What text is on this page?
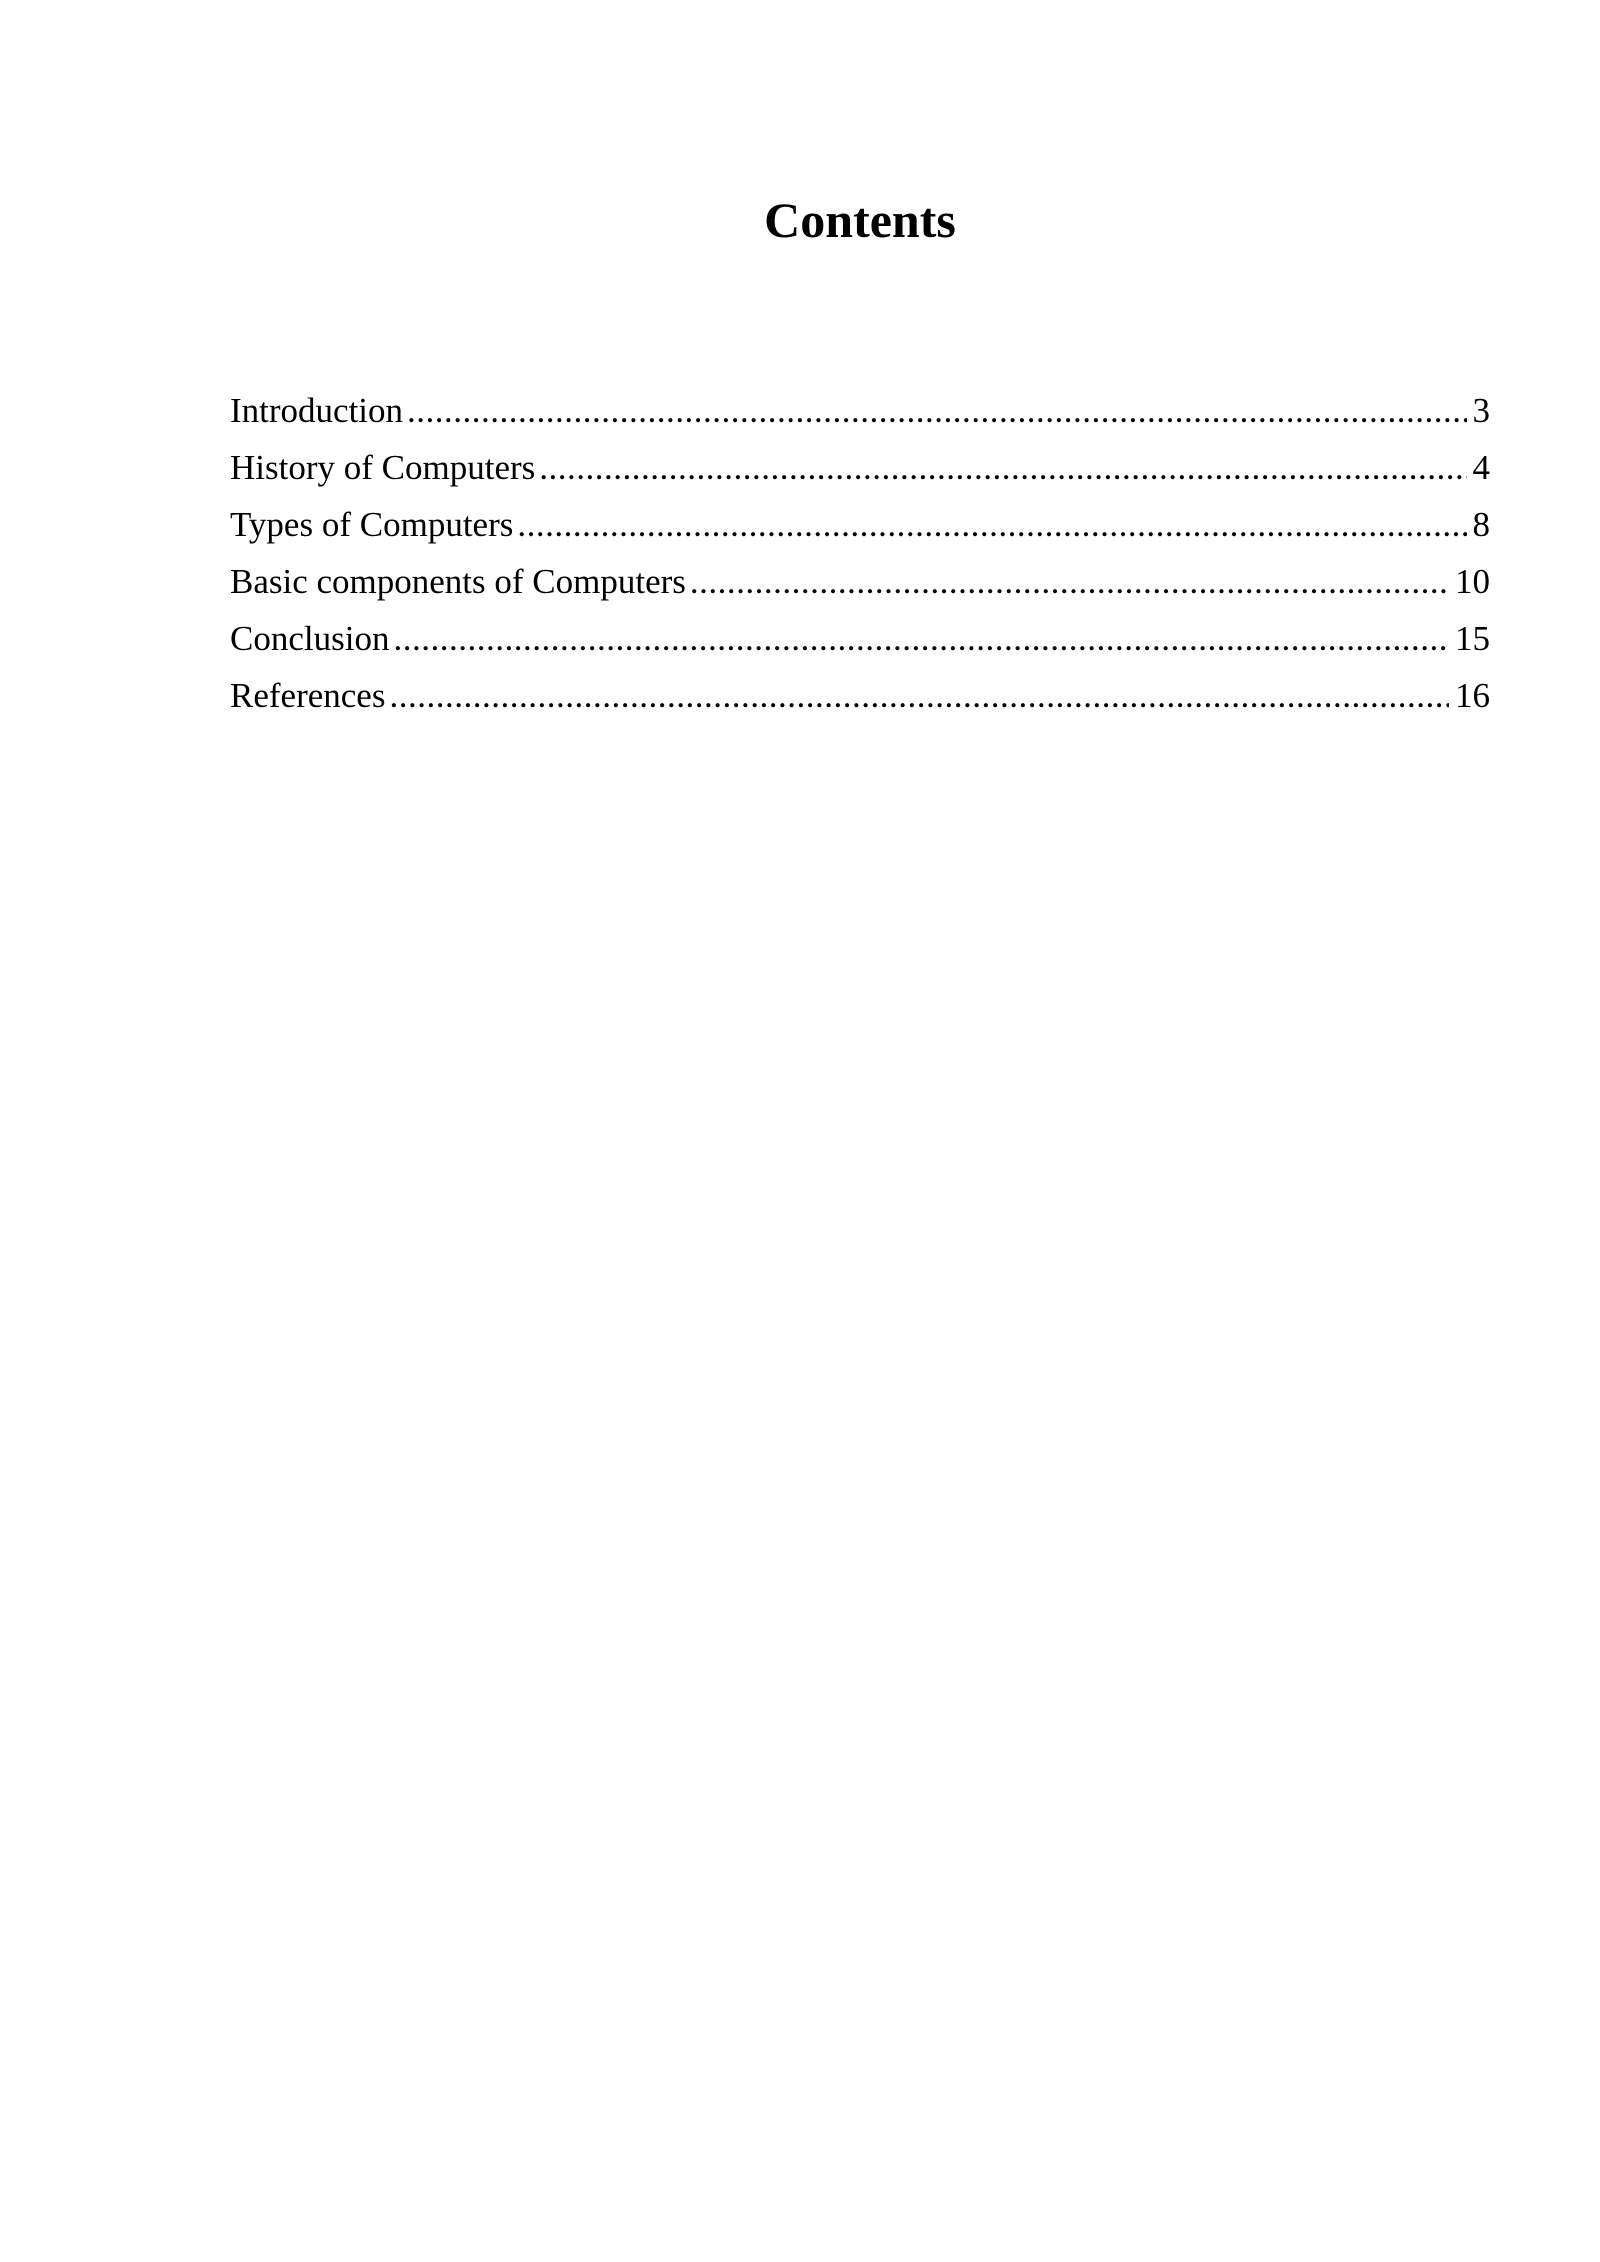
Contents
Introduction .....	3
History of Computers .....	4
Types of Computers .....	8
Basic components of Computers .....	10
Conclusion .....	15
References .....	16
